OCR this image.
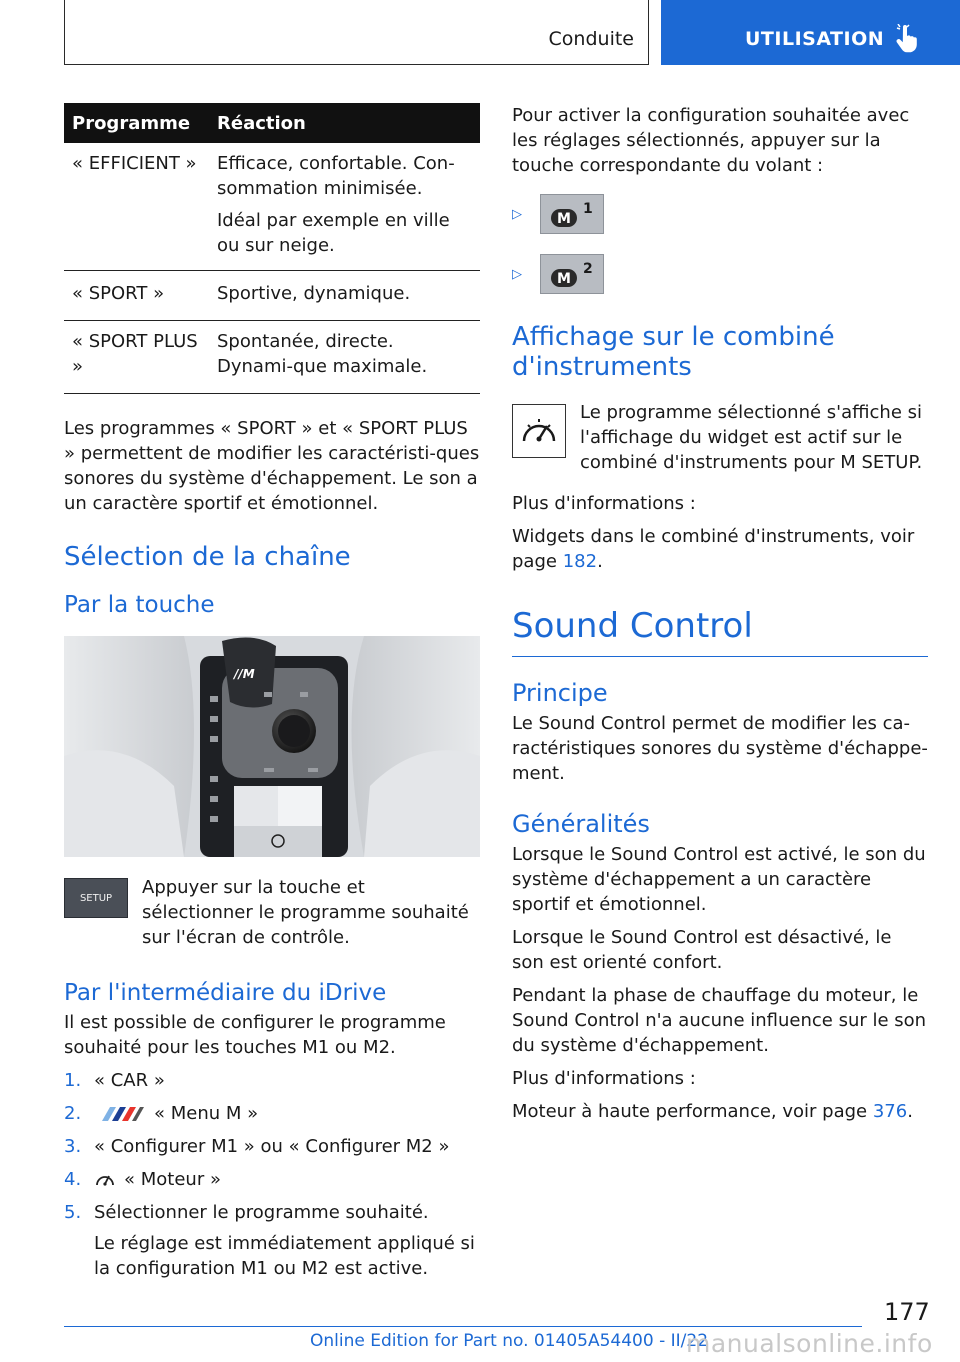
Conduite	UTILISATION
Programme	Réaction
« EFFICIENT »	Efficace, confortable. Con-sommation minimisée.

Idéal par exemple en ville ou sur neige.

« SPORT »	Sportive, dynamique.

« SPORT PLUS »	Spontanée, directe. Dynami-que maximale.

Les programmes « SPORT » et « SPORT PLUS » permettent de modifier les caractéristi-ques sonores du système d'échappement. Le son a un caractère sportif et émotionnel.

Sélection de la chaîne
Par la touche
//M
SETUP	Appuyer sur la touche et sélectionner le programme souhaité sur l'écran de contrôle.

Par l'intermédiaire du iDrive

Il est possible de configurer le programme souhaité pour les touches M1 ou M2.

1. « CAR »
2.	« Menu M »
3. « Configurer M1 » ou « Configurer M2 »
4.	« Moteur »
5. Sélectionner le programme souhaité.

Le réglage est immédiatement appliqué si la configuration M1 ou M2 est active.

Pour activer la configuration souhaitée avec les réglages sélectionnés, appuyer sur la touche correspondante du volant :

▷	M
1
▷	M
2
Affichage sur le combiné d'instruments

Le programme sélectionné s'affiche si l'affichage du widget est actif sur le combiné d'instruments pour M SETUP.

Plus d'informations :

Widgets dans le combiné d'instruments, voir page 182.

Sound Control
Principe

Le Sound Control permet de modifier les ca-ractéristiques sonores du système d'échappe-ment.

Généralités

Lorsque le Sound Control est activé, le son du système d'échappement a un caractère sportif et émotionnel.

Lorsque le Sound Control est désactivé, le son est orienté confort.

Pendant la phase de chauffage du moteur, le Sound Control n'a aucune influence sur le son du système d'échappement.

Plus d'informations :

Moteur à haute performance, voir page 376.

177
Online Edition for Part no. 01405A54400 - II/22
manualsonline.info
